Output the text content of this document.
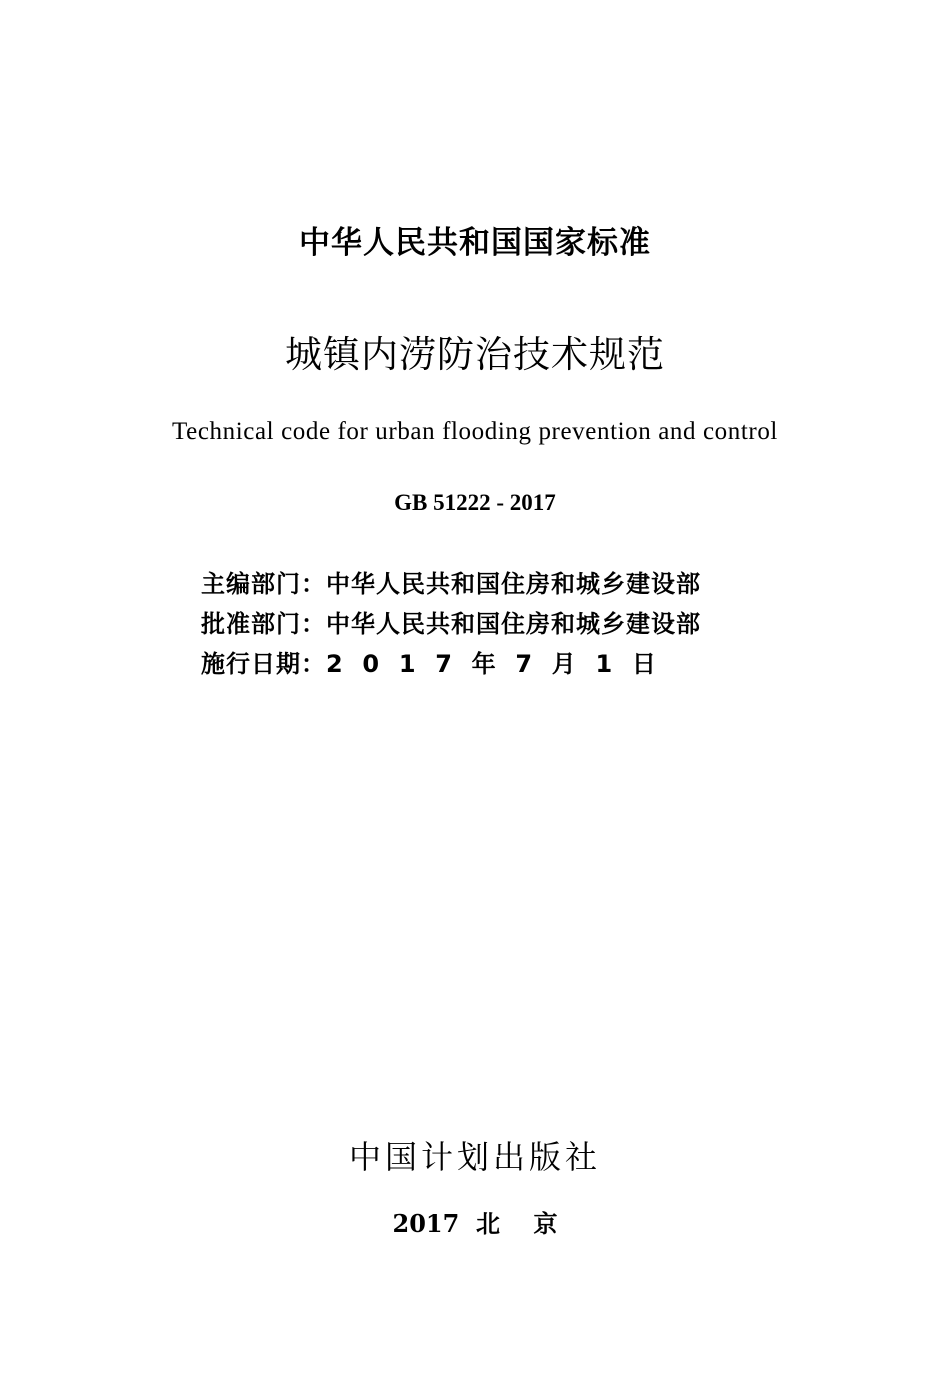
中华人民共和国国家标准
城镇内涝防治技术规范
Technical code for urban flooding prevention and control
GB 51222 - 2017
主编部门： 中华人民共和国住房和城乡建设部
批准部门： 中华人民共和国住房和城乡建设部
施行日期： 2  0  1  7  年  7  月  1  日
中国计划出版社
2017  北    京
